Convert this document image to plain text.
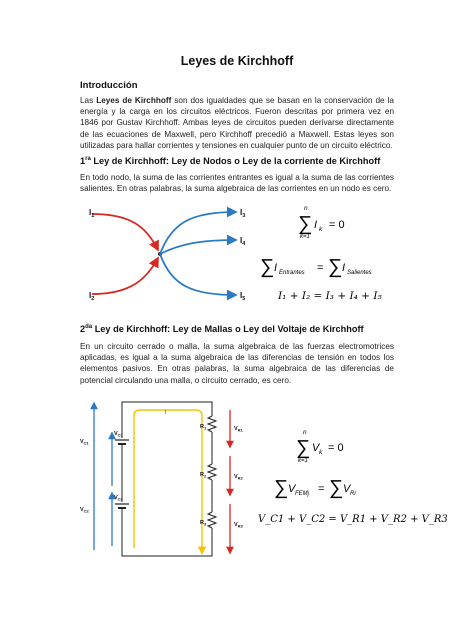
Leyes de Kirchhoff
Introducción
Las Leyes de Kirchhoff son dos igualdades que se basan en la conservación de la energía y la carga en los circuitos eléctricos. Fueron descritas por primera vez en 1846 por Gustav Kirchhoff. Ambas leyes de circuitos pueden derivarse directamente de las ecuaciones de Maxwell, pero Kirchhoff precedió a Maxwell. Estas leyes son utilizadas para hallar corrientes y tensiones en cualquier punto de un circuito eléctrico.
$1^{ra}$ Ley de Kirchhoff: Ley de Nodos o Ley de la corriente de Kirchhoff
En todo nodo, la suma de las corrientes entrantes es igual a la suma de las corrientes salientes. En otras palabras, la suma algebraica de las corrientes en un nodo es cero.
$I_1$
$I_2$
$I_3$
$I_4$
$I_5$
n
∑
k=1
I k = 0
∑ I Entrantes = ∑ I Salientes
I₁ + I₂ = I₃ + I₄ + I₅
$2^{da}$ Ley de Kirchhoff: Ley de Mallas o Ley del Voltaje de Kirchhoff
En un circuito cerrado o malla, la suma algebraica de las fuerzas electromotrices aplicadas, es igual a la suma algebraica de las diferencias de tensión en todos los elementos pasivos. En otras palabras, la suma algebraica de las diferencias de potencial circulando una malla, o circuito cerrado, es cero.
$V_{C1}$
$V_{C2}$
$V_{C1}$
$V_{C2}$
I
$R_1$
$R_2$
$R_3$
$V_{R1}$
$V_{R2}$
$V_{R3}$
n
∑
k=1
V k = 0
∑ V FEMj = ∑ V Ri
V_C1 + V_C2 = V_R1 + V_R2 + V_R3
